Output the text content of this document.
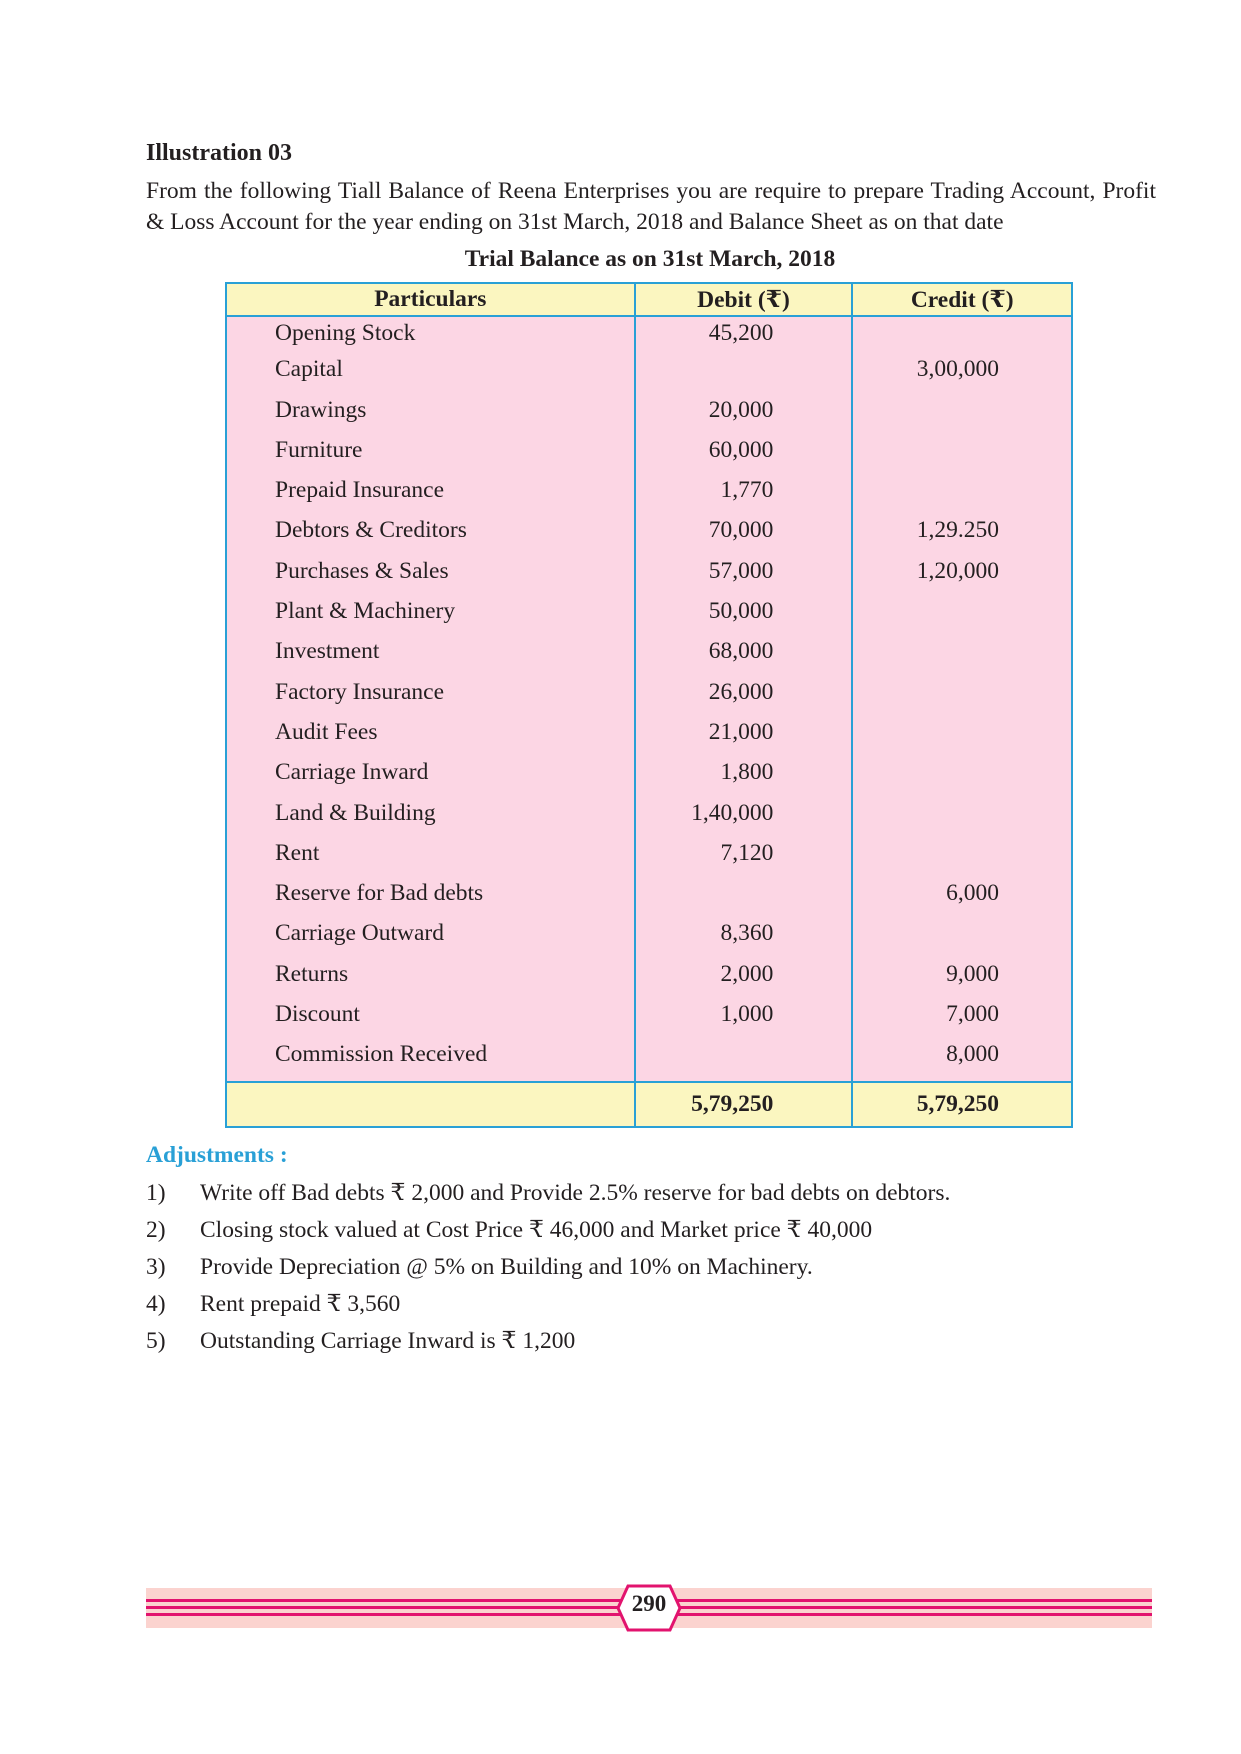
Illustration 03

From the following Tiall Balance of Reena Enterprises you are require to prepare Trading Account, Profit & Loss Account for the year ending on 31st March, 2018 and Balance Sheet as on that date

Trial Balance as on 31st March, 2018
Particulars	Debit (₹)	Credit (₹)
Opening Stock	45,200	
Capital		3,00,000
Drawings	20,000	
Furniture	60,000	
Prepaid Insurance	1,770	
Debtors & Creditors	70,000	1,29.250
Purchases & Sales	57,000	1,20,000
Plant & Machinery	50,000	
Investment	68,000	
Factory Insurance	26,000	
Audit Fees	21,000	
Carriage Inward	1,800	
Land & Building	1,40,000	
Rent	7,120	
Reserve for Bad debts		6,000
Carriage Outward	8,360	
Returns	2,000	9,000
Discount	1,000	7,000
Commission Received		8,000
	5,79,250	5,79,250
Adjustments :
1) Write off Bad debts ₹ 2,000 and Provide 2.5% reserve for bad debts on debtors.
2) Closing stock valued at Cost Price ₹ 46,000 and Market price ₹ 40,000
3) Provide Depreciation @ 5% on Building and 10% on Machinery.
4) Rent prepaid ₹ 3,560
5) Outstanding Carriage Inward is ₹ 1,200
290
